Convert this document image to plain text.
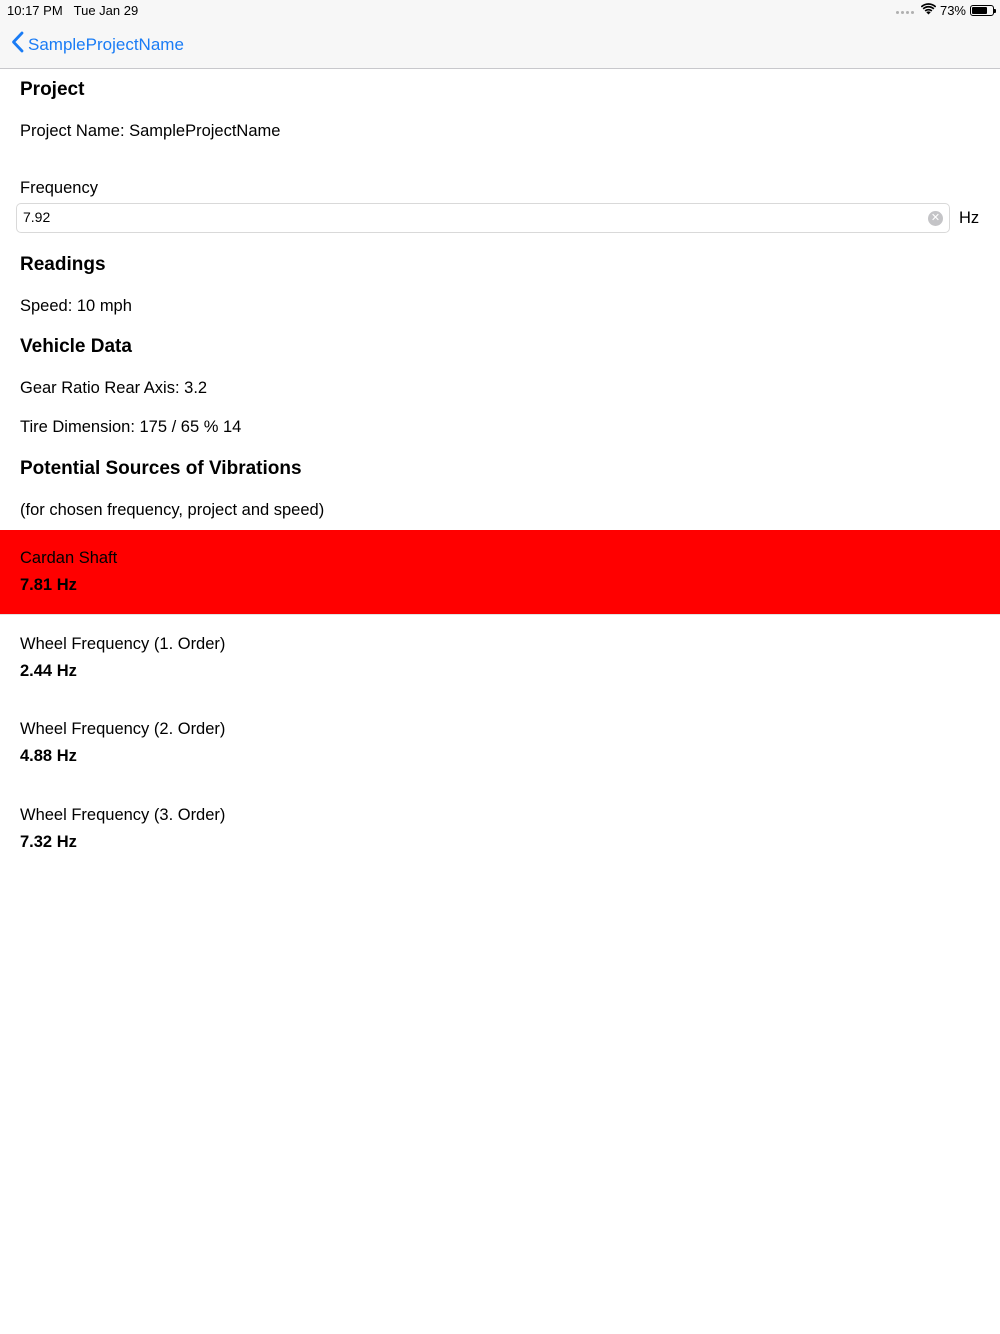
10:17 PM Tue Jan 29	73%
SampleProjectName
Project
Project Name: SampleProjectName
Frequency
7.92
✕ Hz
Readings
Speed: 10 mph
Vehicle Data
Gear Ratio Rear Axis: 3.2
Tire Dimension: 175 / 65 % 14
Potential Sources of Vibrations
(for chosen frequency, project and speed)
Cardan Shaft
7.81 Hz
Wheel Frequency (1. Order)
2.44 Hz
Wheel Frequency (2. Order)
4.88 Hz
Wheel Frequency (3. Order)
7.32 Hz
